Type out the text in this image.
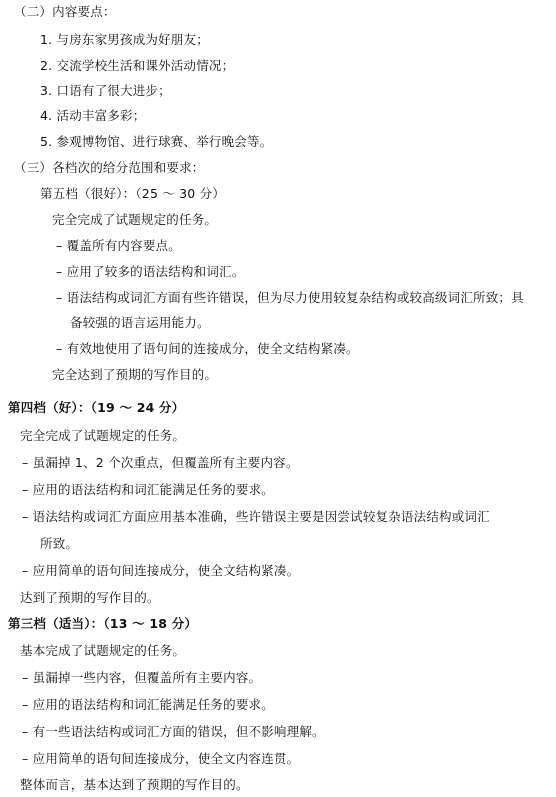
（二）内容要点：
1. 与房东家男孩成为好朋友；
2. 交流学校生活和课外活动情况；
3. 口语有了很大进步；
4. 活动丰富多彩；
5. 参观博物馆、进行球赛、举行晚会等。
（三）各档次的给分范围和要求：
第五档（很好）：（25 ～ 30 分）
完全完成了试题规定的任务。
– 覆盖所有内容要点。
– 应用了较多的语法结构和词汇。
– 语法结构或词汇方面有些许错误，但为尽力使用较复杂结构或较高级词汇所致；具
备较强的语言运用能力。
– 有效地使用了语句间的连接成分，使全文结构紧凑。
完全达到了预期的写作目的。
第四档（好）：（19 ～ 24 分）
完全完成了试题规定的任务。
– 虽漏掉 1、2 个次重点，但覆盖所有主要内容。
– 应用的语法结构和词汇能满足任务的要求。
– 语法结构或词汇方面应用基本准确，些许错误主要是因尝试较复杂语法结构或词汇
所致。
– 应用简单的语句间连接成分，使全文结构紧凑。
达到了预期的写作目的。
第三档（适当）：（13 ～ 18 分）
基本完成了试题规定的任务。
– 虽漏掉一些内容，但覆盖所有主要内容。
– 应用的语法结构和词汇能满足任务的要求。
– 有一些语法结构或词汇方面的错误，但不影响理解。
– 应用简单的语句间连接成分，使全文内容连贯。
整体而言，基本达到了预期的写作目的。
